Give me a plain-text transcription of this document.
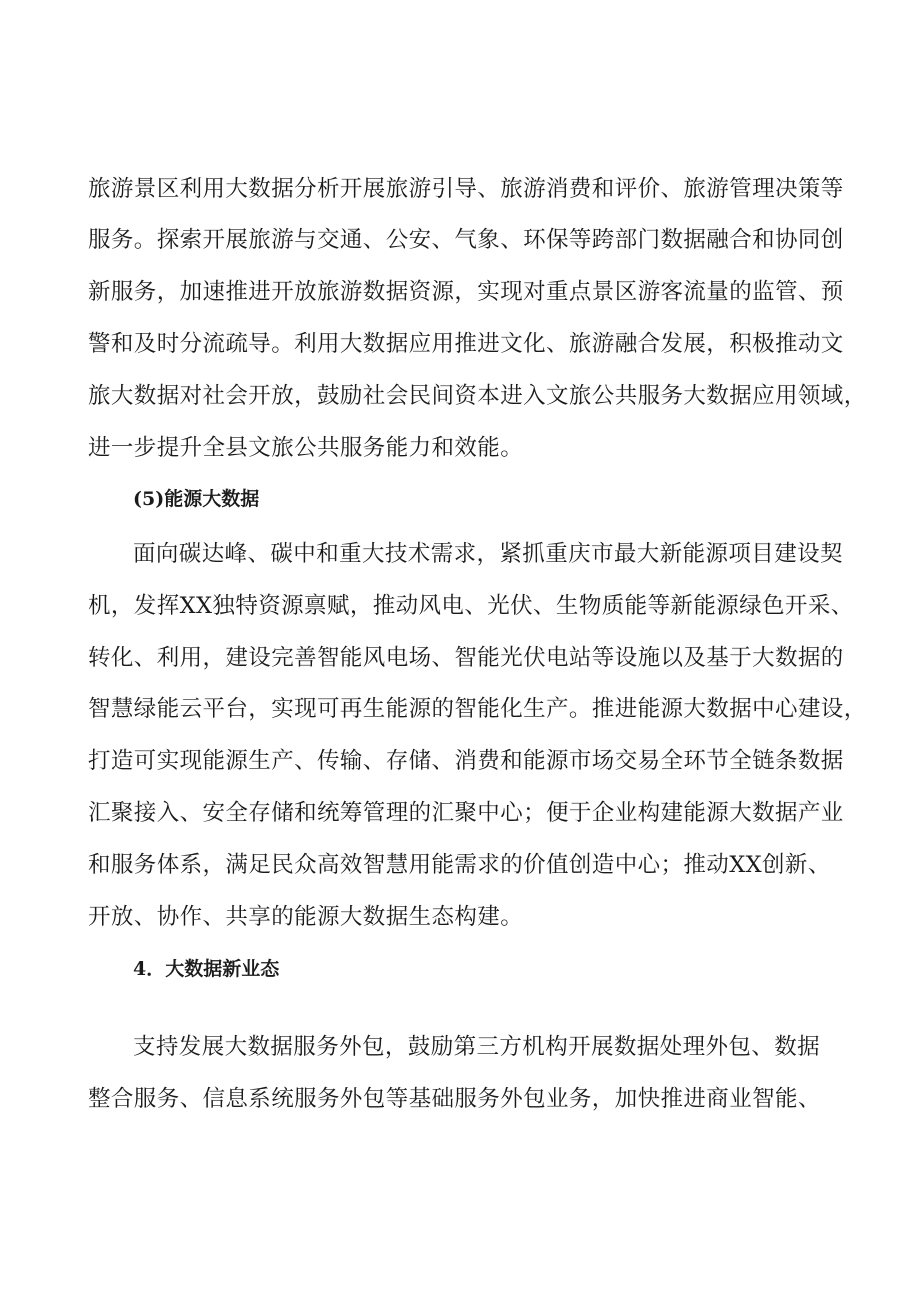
旅游景区利用大数据分析开展旅游引导、旅游消费和评价、旅游管理决策等

服务。探索开展旅游与交通、公安、气象、环保等跨部门数据融合和协同创

新服务，加速推进开放旅游数据资源，实现对重点景区游客流量的监管、预

警和及时分流疏导。利用大数据应用推进文化、旅游融合发展，积极推动文

旅大数据对社会开放，鼓励社会民间资本进入文旅公共服务大数据应用领域，

进一步提升全县文旅公共服务能力和效能。

(5)能源大数据

面向碳达峰、碳中和重大技术需求，紧抓重庆市最大新能源项目建设契

机，发挥XX独特资源禀赋，推动风电、光伏、生物质能等新能源绿色开采、

转化、利用，建设完善智能风电场、智能光伏电站等设施以及基于大数据的

智慧绿能云平台，实现可再生能源的智能化生产。推进能源大数据中心建设，

打造可实现能源生产、传输、存储、消费和能源市场交易全环节全链条数据

汇聚接入、安全存储和统筹管理的汇聚中心；便于企业构建能源大数据产业

和服务体系，满足民众高效智慧用能需求的价值创造中心；推动XX创新、

开放、协作、共享的能源大数据生态构建。

4．大数据新业态

支持发展大数据服务外包，鼓励第三方机构开展数据处理外包、数据

整合服务、信息系统服务外包等基础服务外包业务，加快推进商业智能、
